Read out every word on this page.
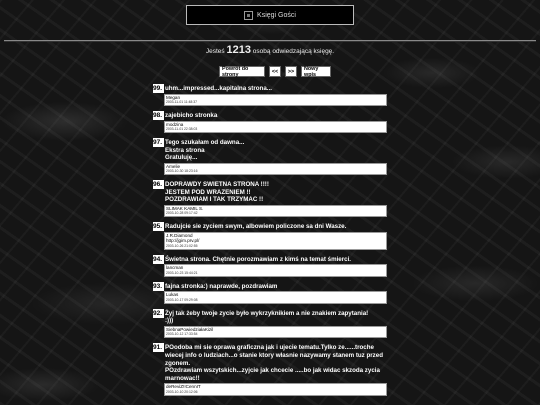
Księgi Gości
Jesteś 1213 osobą odwiedzającą księgę.
Powrót do strony	<<	>>	Nowy wpis
99. uhm...impressed...kapitalna strona...
Megan
2003-11-01 11:48:37
98. zajebicho stronka
modzina
2003-11-01 22:38:03
97. Tego szukałam od dawna...
Ekstra strona
Gratuluję...
Amelie
2003-10-30 18:23:16
96. DOPRAWDY SWIETNA STRONA !!!!
JESTEM POD WRAZENIEM !!
POZDRAWIAM I TAK TRZYMAC !!
SLIMAK KAMIL S.
2003-10-28 09:17:42
95. Radujcie sie zyciem swym, albowiem policzone sa dni Wasze.
J.R.Diamond
http://jgim.prv.pl/
2003-10-26 21:02:55
94. Świetna strona. Chętnie porozmawiam z kimś na temat śmierci.
lancman
2003-10-23 15:44:21
93. fajna stronka:) naprawde, pozdrawiam
Lukas
2003-10-17 09:29:08
92. Żyj tak żeby twoje zycie było wykrzyknikiem a nie znakiem zapytania!
:)))
SiebnaPowiedziałaKizil
2003-10-12 17:33:54
91. POodoba mi sie oprawa graficzna jak i ujecie tematu.Tylko ze......troche wiecej info o ludziach...o stanie ktory własnie nazywamy stanem tuz przed zgonem.
POzdrawiam wszytskich...zyjcie jak chcecie .....bo jak widac skzoda zycia marnowac!!
deReviZ!!CennIT
2003-10-10 20:12:06
